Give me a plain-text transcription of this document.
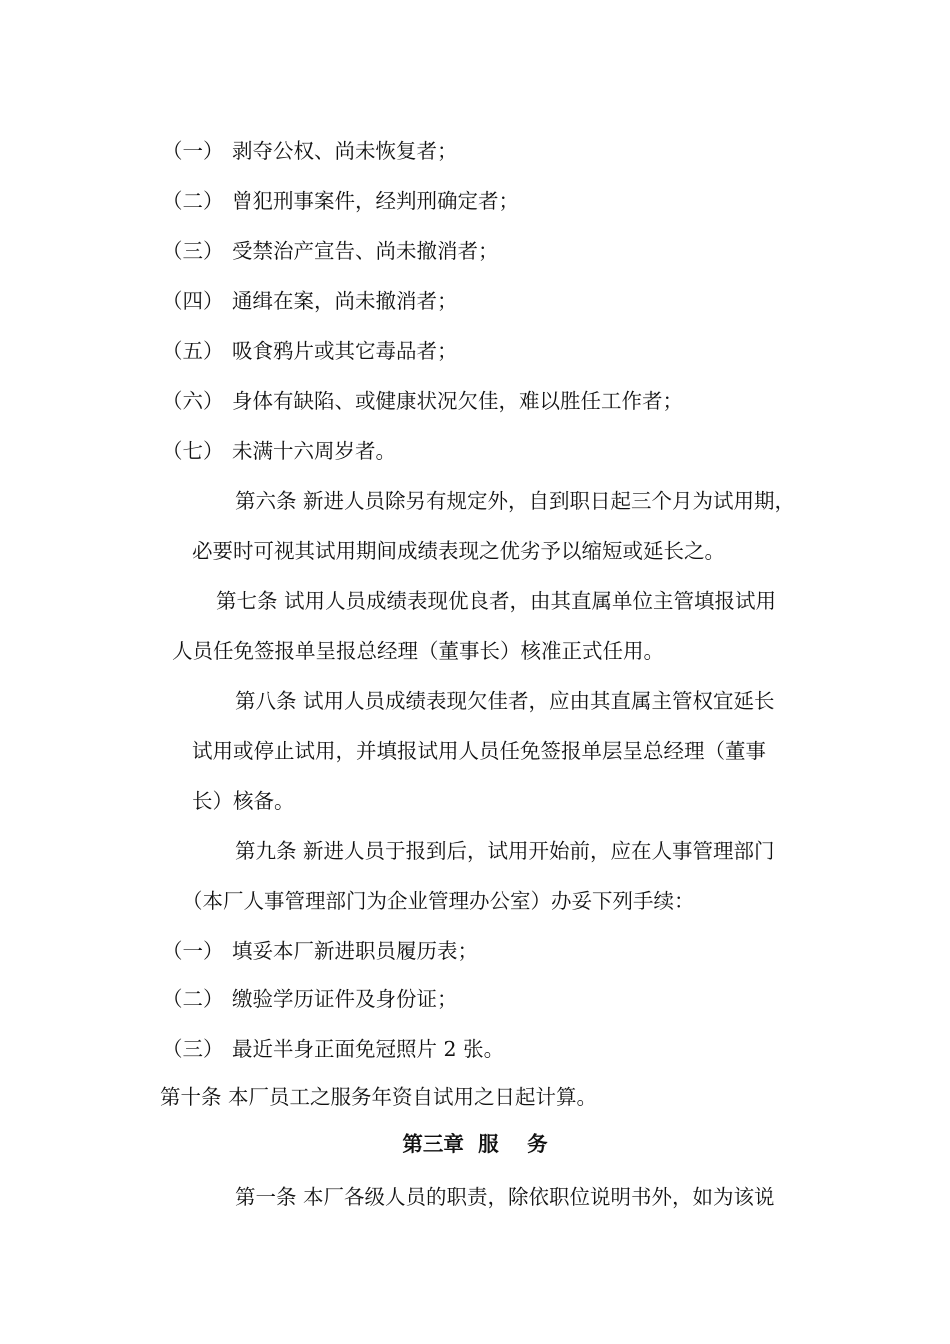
（一） 剥夺公权、尚未恢复者；
（二） 曾犯刑事案件，经判刑确定者；
（三） 受禁治产宣告、尚未撤消者；
（四） 通缉在案，尚未撤消者；
（五） 吸食鸦片或其它毒品者；
（六） 身体有缺陷、或健康状况欠佳，难以胜任工作者；
（七） 未满十六周岁者。
第六条 新进人员除另有规定外，自到职日起三个月为试用期，
必要时可视其试用期间成绩表现之优劣予以缩短或延长之。
第七条 试用人员成绩表现优良者，由其直属单位主管填报试用
人员任免签报单呈报总经理（董事长）核准正式任用。
第八条 试用人员成绩表现欠佳者，应由其直属主管权宜延长
试用或停止试用，并填报试用人员任免签报单层呈总经理（董事
长）核备。
第九条 新进人员于报到后，试用开始前，应在人事管理部门
（本厂人事管理部门为企业管理办公室）办妥下列手续：
（一） 填妥本厂新进职员履历表；
（二） 缴验学历证件及身份证；
（三） 最近半身正面免冠照片 2 张。
第十条 本厂员工之服务年资自试用之日起计算。
第三章  服    务
第一条 本厂各级人员的职责，除依职位说明书外，如为该说
